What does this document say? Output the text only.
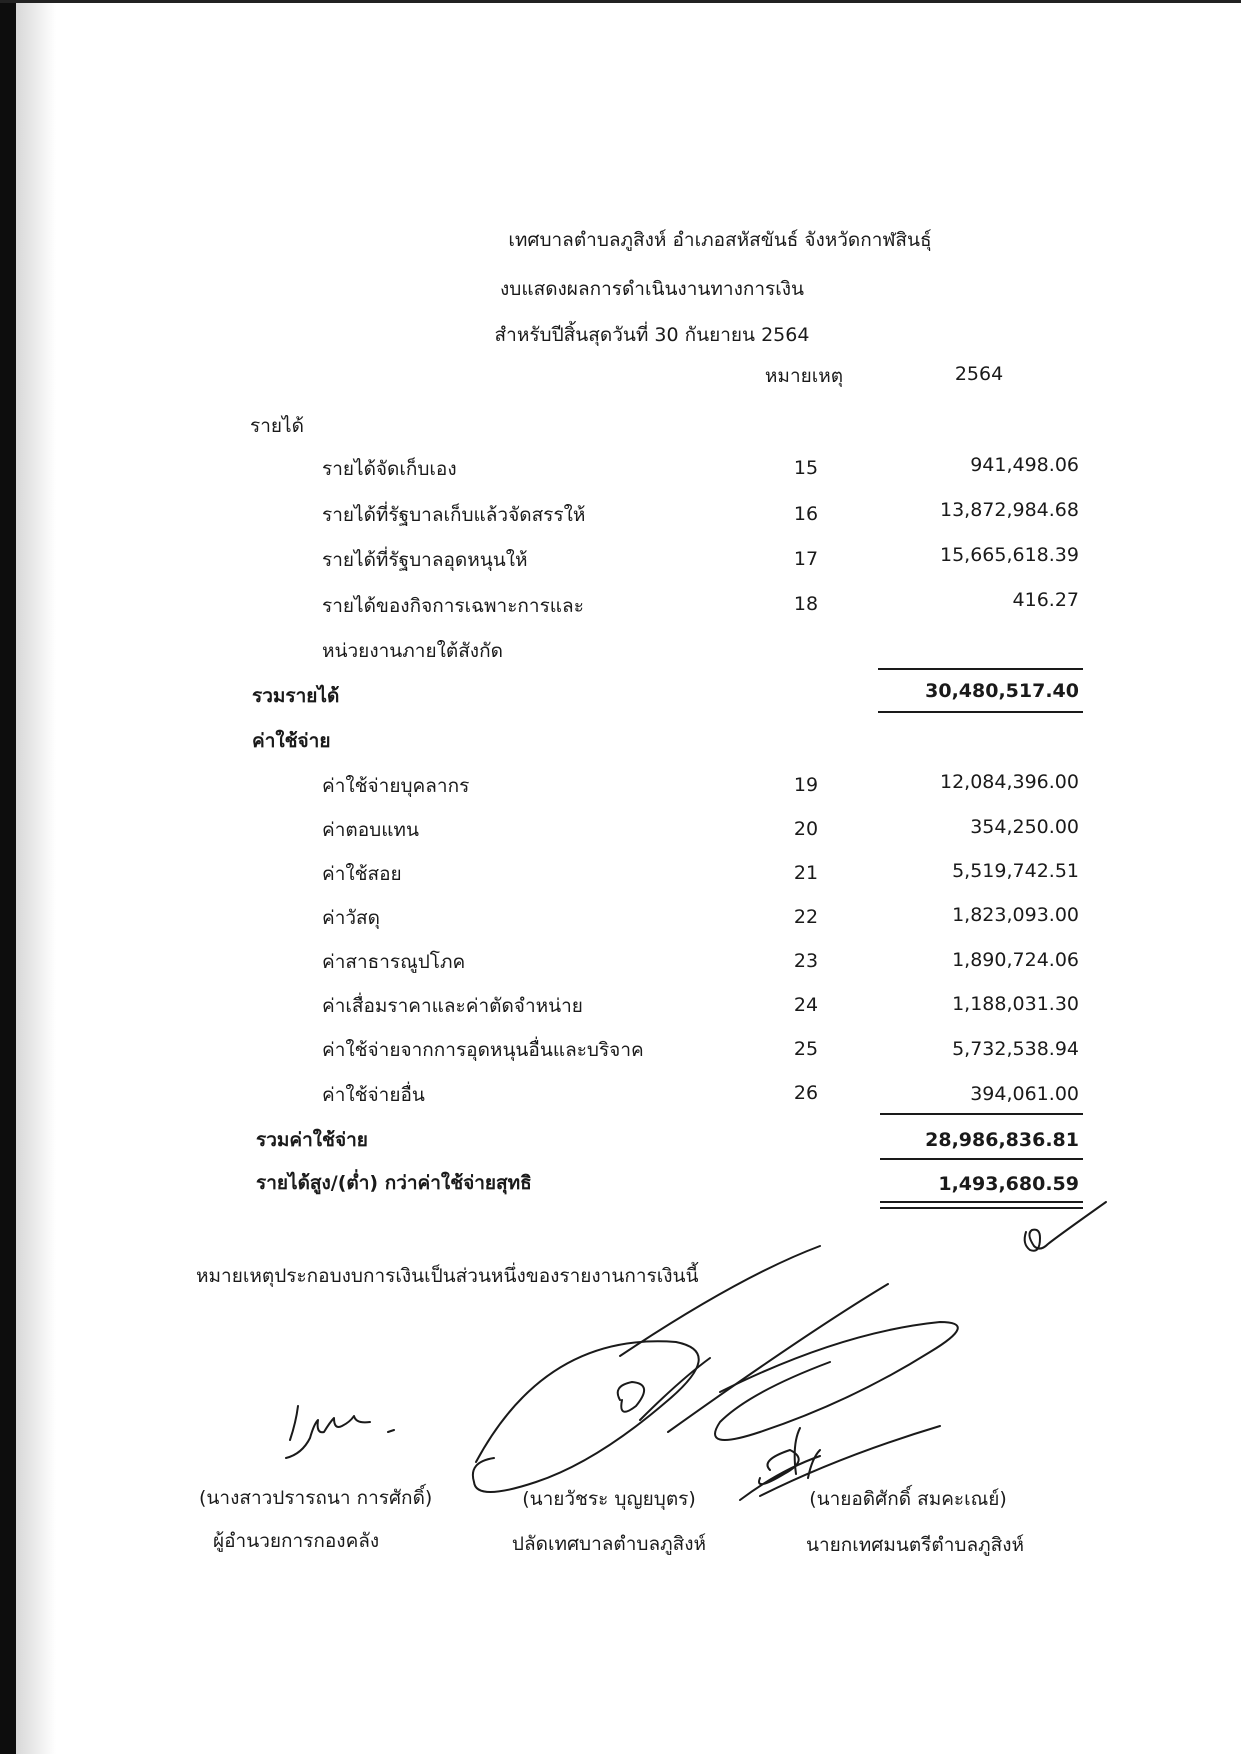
เทศบาลตำบลภูสิงห์ อำเภอสหัสขันธ์ จังหวัดกาฬสินธุ์
งบแสดงผลการดำเนินงานทางการเงิน
สำหรับปีสิ้นสุดวันที่ 30 กันยายน 2564
หมายเหตุ	2564
รายได้
รายได้จัดเก็บเอง	15	941,498.06
รายได้ที่รัฐบาลเก็บแล้วจัดสรรให้	16	13,872,984.68
รายได้ที่รัฐบาลอุดหนุนให้	17	15,665,618.39
รายได้ของกิจการเฉพาะการและ	18	416.27
หน่วยงานภายใต้สังกัด
รวมรายได้	30,480,517.40
ค่าใช้จ่าย
ค่าใช้จ่ายบุคลากร	19	12,084,396.00
ค่าตอบแทน	20	354,250.00
ค่าใช้สอย	21	5,519,742.51
ค่าวัสดุ	22	1,823,093.00
ค่าสาธารณูปโภค	23	1,890,724.06
ค่าเสื่อมราคาและค่าตัดจำหน่าย	24	1,188,031.30
ค่าใช้จ่ายจากการอุดหนุนอื่นและบริจาค	25	5,732,538.94
ค่าใช้จ่ายอื่น	26	394,061.00
รวมค่าใช้จ่าย	28,986,836.81
รายได้สูง/(ต่ำ) กว่าค่าใช้จ่ายสุทธิ	1,493,680.59
หมายเหตุประกอบงบการเงินเป็นส่วนหนึ่งของรายงานการเงินนี้
(นางสาวปรารถนา การศักดิ์)
ผู้อำนวยการกองคลัง
(นายวัชระ บุญยบุตร)
ปลัดเทศบาลตำบลภูสิงห์
(นายอดิศักดิ์ สมคะเณย์)
นายกเทศมนตรีตำบลภูสิงห์
